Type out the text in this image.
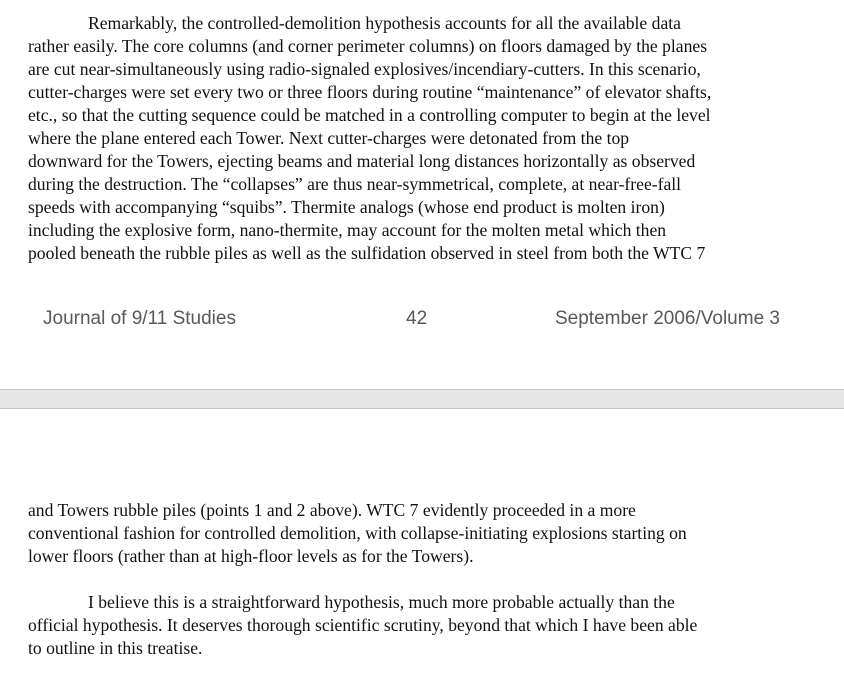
Remarkably, the controlled-demolition hypothesis accounts for all the available data
rather easily. The core columns (and corner perimeter columns) on floors damaged by the planes
are cut near-simultaneously using radio-signaled explosives/incendiary-cutters. In this scenario,
cutter-charges were set every two or three floors during routine “maintenance” of elevator shafts,
etc., so that the cutting sequence could be matched in a controlling computer to begin at the level
where the plane entered each Tower. Next cutter-charges were detonated from the top
downward for the Towers, ejecting beams and material long distances horizontally as observed
during the destruction. The “collapses” are thus near-symmetrical, complete, at near-free-fall
speeds with accompanying “squibs”. Thermite analogs (whose end product is molten iron)
including the explosive form, nano-thermite, may account for the molten metal which then
pooled beneath the rubble piles as well as the sulfidation observed in steel from both the WTC 7
Journal of 9/11 Studies	42	September 2006/Volume 3
and Towers rubble piles (points 1 and 2 above). WTC 7 evidently proceeded in a more
conventional fashion for controlled demolition, with collapse-initiating explosions starting on
lower floors (rather than at high-floor levels as for the Towers).
I believe this is a straightforward hypothesis, much more probable actually than the
official hypothesis. It deserves thorough scientific scrutiny, beyond that which I have been able
to outline in this treatise.
